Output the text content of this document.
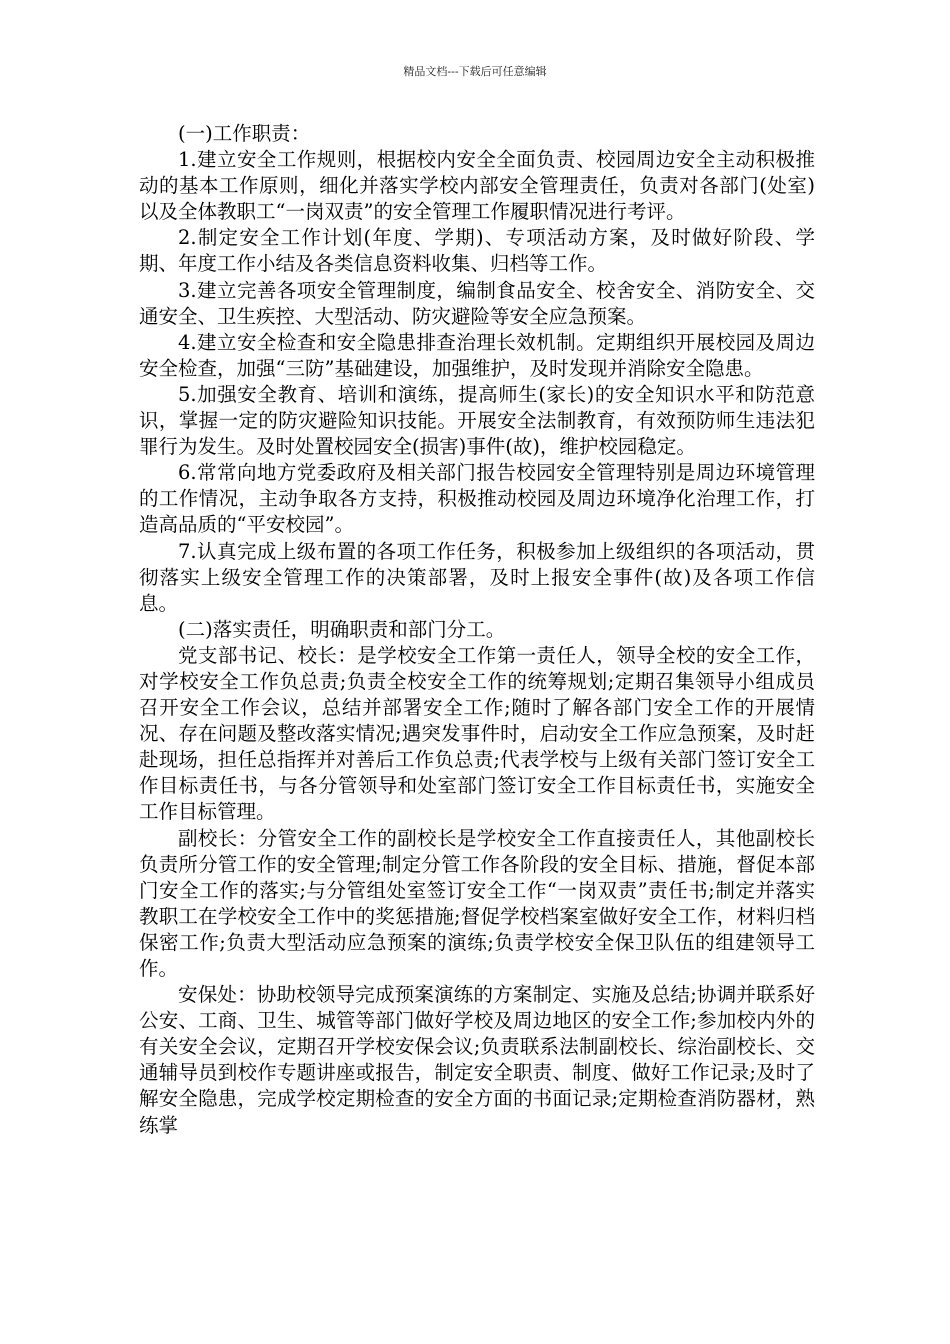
精品文档---下载后可任意编辑

(一)工作职责：

1.建立安全工作规则，根据校内安全全面负责、校园周边安全主动积极推动的基本工作原则，细化并落实学校内部安全管理责任，负责对各部门(处室)以及全体教职工“一岗双责”的安全管理工作履职情况进行考评。

2.制定安全工作计划(年度、学期)、专项活动方案，及时做好阶段、学期、年度工作小结及各类信息资料收集、归档等工作。

3.建立完善各项安全管理制度，编制食品安全、校舍安全、消防安全、交通安全、卫生疾控、大型活动、防灾避险等安全应急预案。

4.建立安全检查和安全隐患排查治理长效机制。定期组织开展校园及周边安全检查，加强“三防”基础建设，加强维护，及时发现并消除安全隐患。

5.加强安全教育、培训和演练，提高师生(家长)的安全知识水平和防范意识，掌握一定的防灾避险知识技能。开展安全法制教育，有效预防师生违法犯罪行为发生。及时处置校园安全(损害)事件(故)，维护校园稳定。

6.常常向地方党委政府及相关部门报告校园安全管理特别是周边环境管理的工作情况，主动争取各方支持，积极推动校园及周边环境净化治理工作，打造高品质的“平安校园”。

7.认真完成上级布置的各项工作任务，积极参加上级组织的各项活动，贯彻落实上级安全管理工作的决策部署，及时上报安全事件(故)及各项工作信息。

(二)落实责任，明确职责和部门分工。

党支部书记、校长：是学校安全工作第一责任人，领导全校的安全工作，对学校安全工作负总责;负责全校安全工作的统筹规划;定期召集领导小组成员召开安全工作会议，总结并部署安全工作;随时了解各部门安全工作的开展情况、存在问题及整改落实情况;遇突发事件时，启动安全工作应急预案，及时赶赴现场，担任总指挥并对善后工作负总责;代表学校与上级有关部门签订安全工作目标责任书，与各分管领导和处室部门签订安全工作目标责任书，实施安全工作目标管理。

副校长：分管安全工作的副校长是学校安全工作直接责任人，其他副校长负责所分管工作的安全管理;制定分管工作各阶段的安全目标、措施，督促本部门安全工作的落实;与分管组处室签订安全工作“一岗双责”责任书;制定并落实教职工在学校安全工作中的奖惩措施;督促学校档案室做好安全工作，材料归档保密工作;负责大型活动应急预案的演练;负责学校安全保卫队伍的组建领导工作。

安保处：协助校领导完成预案演练的方案制定、实施及总结;协调并联系好公安、工商、卫生、城管等部门做好学校及周边地区的安全工作;参加校内外的有关安全会议，定期召开学校安保会议;负责联系法制副校长、综治副校长、交通辅导员到校作专题讲座或报告，制定安全职责、制度、做好工作记录;及时了解安全隐患，完成学校定期检查的安全方面的书面记录;定期检查消防器材，熟练掌
